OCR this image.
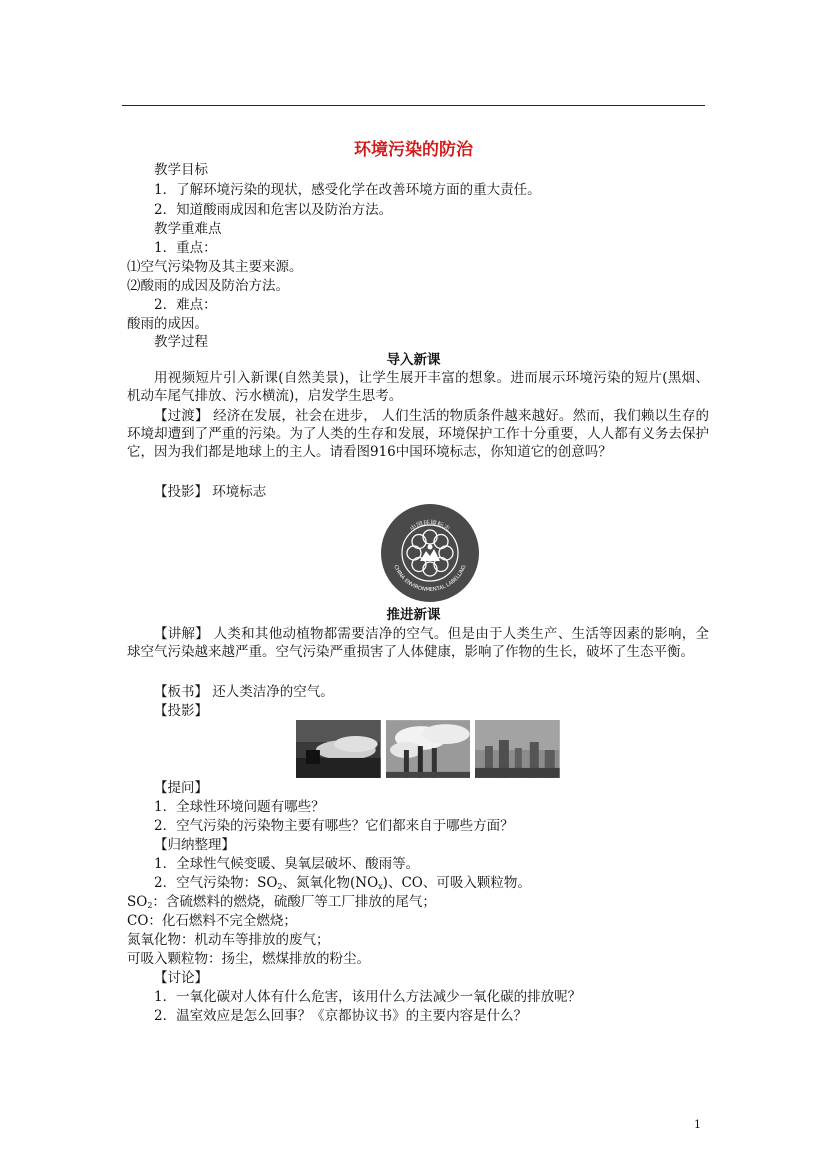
环境污染的防治
教学目标
1．了解环境污染的现状，感受化学在改善环境方面的重大责任。
2．知道酸雨成因和危害以及防治方法。
教学重难点
1．重点：
⑴空气污染物及其主要来源。
⑵酸雨的成因及防治方法。
2．难点：
酸雨的成因。
教学过程
导入新课
用视频短片引入新课(自然美景)，让学生展开丰富的想象。进而展示环境污染的短片(黑烟、机动车尾气排放、污水横流)，启发学生思考。
【过渡】 经济在发展，社会在进步， 人们生活的物质条件越来越好。然而，我们赖以生存的环境却遭到了严重的污染。为了人类的生存和发展，环境保护工作十分重要，人人都有义务去保护它，因为我们都是地球上的主人。请看图916中国环境标志，你知道它的创意吗？
【投影】 环境标志
中国环境标志
CHINA ENVIRONMENTAL LABELLING
推进新课
【讲解】 人类和其他动植物都需要洁净的空气。但是由于人类生产、生活等因素的影响，全球空气污染越来越严重。空气污染严重损害了人体健康，影响了作物的生长，破坏了生态平衡。
【板书】 还人类洁净的空气。
【投影】
【提问】
1．全球性环境问题有哪些？
2．空气污染的污染物主要有哪些？它们都来自于哪些方面？
【归纳整理】
1．全球性气候变暖、臭氧层破坏、酸雨等。
2．空气污染物：$SO_2$、氮氧化物$(NO_x)$、CO、可吸入颗粒物。
$SO_2$：含硫燃料的燃烧，硫酸厂等工厂排放的尾气；
CO：化石燃料不完全燃烧；
氮氧化物：机动车等排放的废气；
可吸入颗粒物：扬尘，燃煤排放的粉尘。
【讨论】
1．一氧化碳对人体有什么危害，该用什么方法减少一氧化碳的排放呢？
2．温室效应是怎么回事？《京都协议书》的主要内容是什么？
1
